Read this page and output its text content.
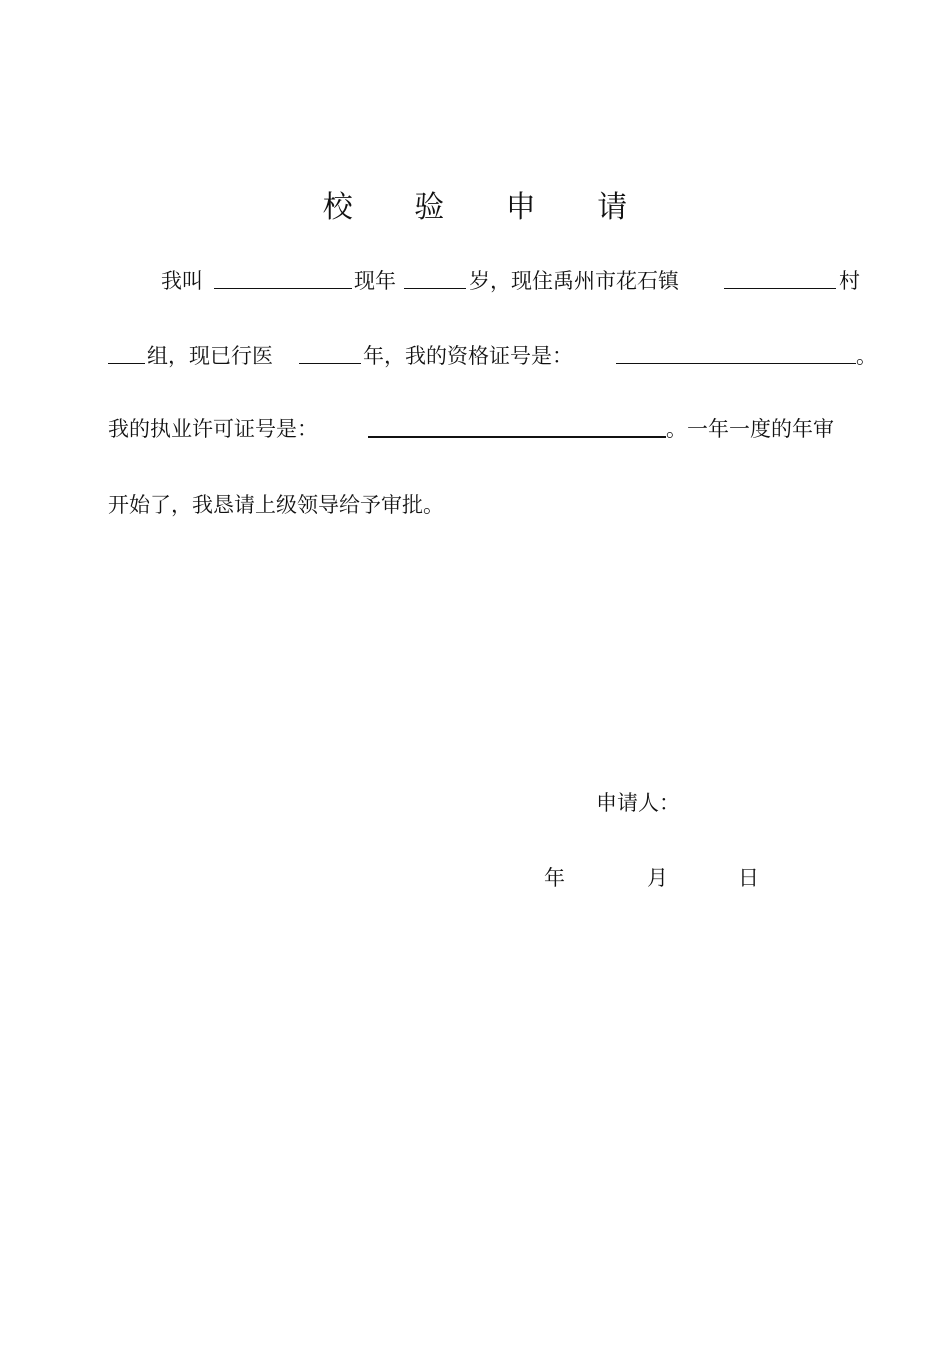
校 验 申 请
我叫	现年	岁，现住禹州市花石镇	村
组，现已行医	年，我的资格证号是：	。
我的执业许可证号是：	。一年一度的年审
开始了，我恳请上级领导给予审批。
申请人：
年	月	日
